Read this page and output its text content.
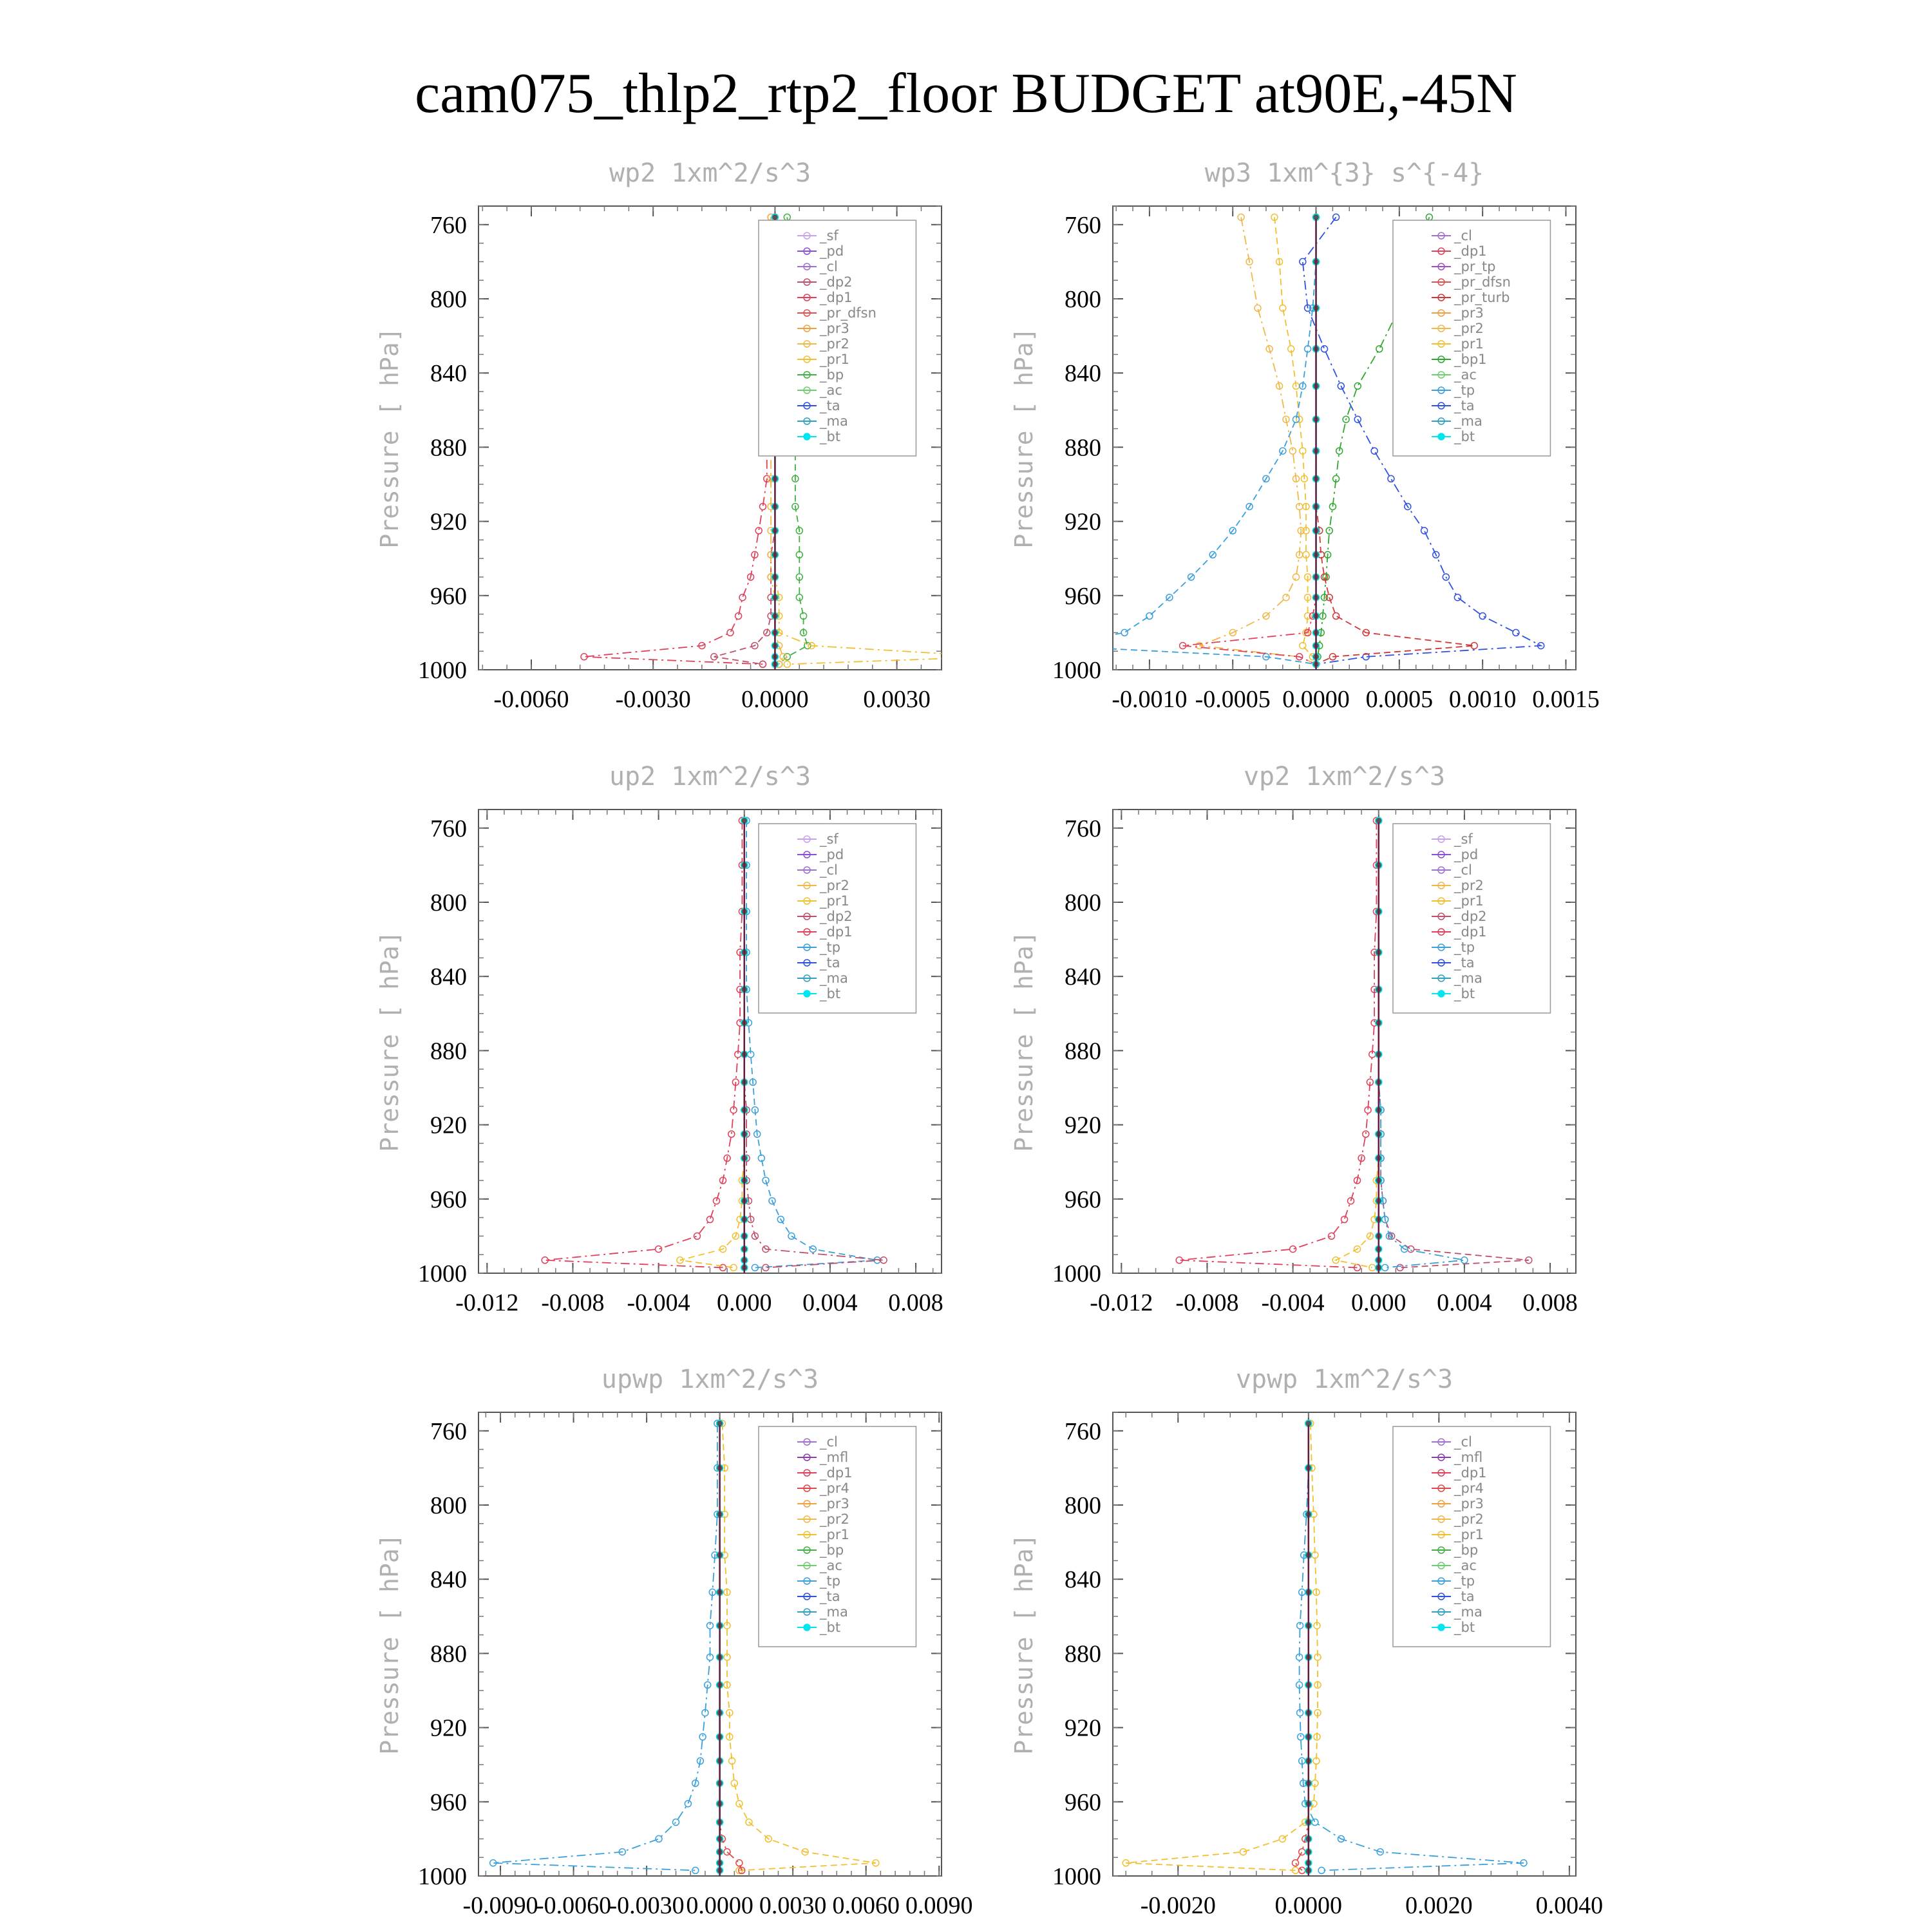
cam075_thlp2_rtp2_floor BUDGET at90E,-45N
wp2 1xm^2/s^3
Pressure [ hPa]
760
800
840
880
920
960
1000
-0.0060 -0.0030 0.0000 0.0030
_sf
_pd
_cl
_dp2
_dp1
_pr_dfsn
_pr3
_pr2
_pr1
_bp
_ac
_ta
_ma
_bt
wp3 1xm^{3} s^{-4}
Pressure [ hPa]
760
800
840
880
920
960
1000
-0.0010 -0.0005 0.0000 0.0005 0.0010 0.0015
_cl
_dp1
_pr_tp
_pr_dfsn
_pr_turb
_pr3
_pr2
_pr1
_bp1
_ac
_tp
_ta
_ma
_bt
up2 1xm^2/s^3
Pressure [ hPa]
760
800
840
880
920
960
1000
-0.012 -0.008 -0.004 0.000 0.004 0.008
_sf
_pd
_cl
_pr2
_pr1
_dp2
_dp1
_tp
_ta
_ma
_bt
vp2 1xm^2/s^3
Pressure [ hPa]
760
800
840
880
920
960
1000
-0.012 -0.008 -0.004 0.000 0.004 0.008
_sf
_pd
_cl
_pr2
_pr1
_dp2
_dp1
_tp
_ta
_ma
_bt
upwp 1xm^2/s^3
Pressure [ hPa]
760
800
840
880
920
960
1000
-0.0090
-0.0060
-0.0030 0.0000 0.0030 0.0060 0.0090
_cl
_mfl
_dp1
_pr4
_pr3
_pr2
_pr1
_bp
_ac
_tp
_ta
_ma
_bt
vpwp 1xm^2/s^3
Pressure [ hPa]
760
800
840
880
920
960
1000
-0.0020 0.0000	0.0020	0.0040
_cl
_mfl
_dp1
_pr4
_pr3
_pr2
_pr1
_bp
_ac
_tp
_ta
_ma
_bt
